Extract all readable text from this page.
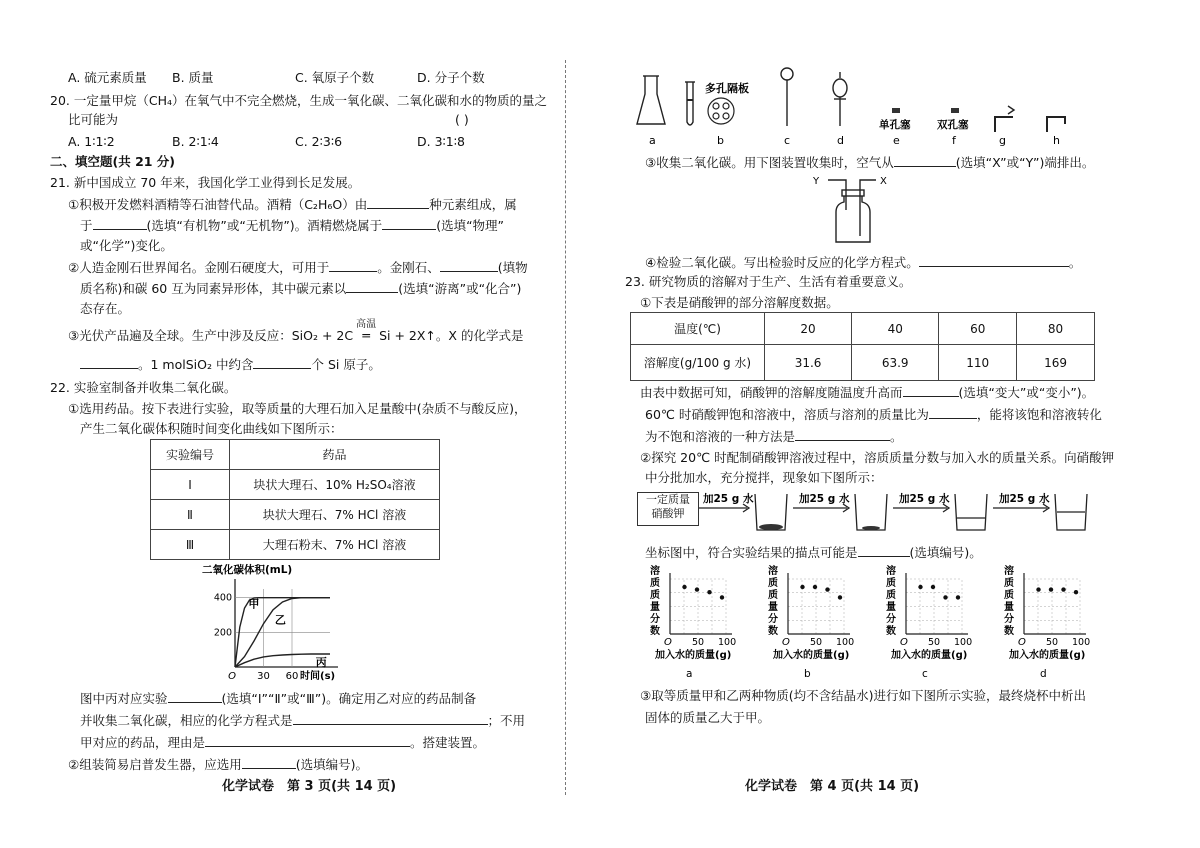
A. 硫元素质量 B. 质量	C. 氧原子个数	D. 分子个数
20. 一定量甲烷（CH₄）在氧气中不完全燃烧，生成一氧化碳、二氧化碳和水的物质的量之
比可能为	( )
A. 1∶1∶2	B. 2∶1∶4	C. 2∶3∶6	D. 3∶1∶8
二、填空题(共 21 分)
21. 新中国成立 70 年来，我国化学工业得到长足发展。
①积极开发燃料酒精等石油替代品。酒精（C₂H₆O）由	种元素组成，属
于	(选填“有机物”或“无机物”)。酒精燃烧属于	(选填“物理”
或“化学”)变化。
②人造金刚石世界闻名。金刚石硬度大，可用于	。金刚石、	(填物
质名称)和碳 60 互为同素异形体，其中碳元素以	(选填“游离”或“化合”)
态存在。
③光伏产品遍及全球。生产中涉及反应：SiO₂ + 2C
高温
═ Si + 2X↑。X 的化学式是
。1 molSiO₂ 中约含	个 Si 原子。
22. 实验室制备并收集二氧化碳。
①选用药品。按下表进行实验，取等质量的大理石加入足量酸中(杂质不与酸反应)，
产生二氧化碳体积随时间变化曲线如下图所示：
实验编号	药品
Ⅰ	块状大理石、10% H₂SO₄溶液
Ⅱ	块状大理石、7% HCl 溶液
Ⅲ	大理石粉末、7% HCl 溶液
二氧化碳体积(mL)
200
400
O 30 60 时间(s)
甲
乙
丙
图中丙对应实验	(选填“Ⅰ”“Ⅱ”或“Ⅲ”)。确定用乙对应的药品制备
并收集二氧化碳，相应的化学方程式是	；不用
甲对应的药品，理由是	。搭建装置。
②组装简易启普发生器，应选用	(选填编号)。
化学试卷　第 3 页(共 14 页)
多孔隔板
单孔塞	双孔塞
a	b	c	d	e	f	g	h
③收集二氧化碳。用下图装置收集时，空气从	(选填“X”或“Y”)端排出。
Y	X
④检验二氧化碳。写出检验时反应的化学方程式。	。
23. 研究物质的溶解对于生产、生活有着重要意义。
①下表是硝酸钾的部分溶解度数据。
温度(℃)	20	40	60	80
溶解度(g/100 g 水)	31.6	63.9	110	169
由表中数据可知，硝酸钾的溶解度随温度升高而	(选填“变大”或“变小”)。
60℃ 时硝酸钾饱和溶液中，溶质与溶剂的质量比为	，能将该饱和溶液转化
为不饱和溶液的一种方法是	。
②探究 20℃ 时配制硝酸钾溶液过程中，溶质质量分数与加入水的质量关系。向硝酸钾
中分批加水，充分搅拌，现象如下图所示：
一定质量
硝酸钾
加25 g 水	加25 g 水	加25 g 水	加25 g 水
坐标图中，符合实验结果的描点可能是	(选填编号)。
溶
质
质
量
分
数
O 50 100
加入水的质量(g)
a
溶
质
质
量
分
数
O 50 100
加入水的质量(g)
b
溶
质
质
量
分
数
O 50 100
加入水的质量(g)
c
溶
质
质
量
分
数
O 50 100
加入水的质量(g)
d
③取等质量甲和乙两种物质(均不含结晶水)进行如下图所示实验，最终烧杯中析出
固体的质量乙大于甲。
化学试卷　第 4 页(共 14 页)
